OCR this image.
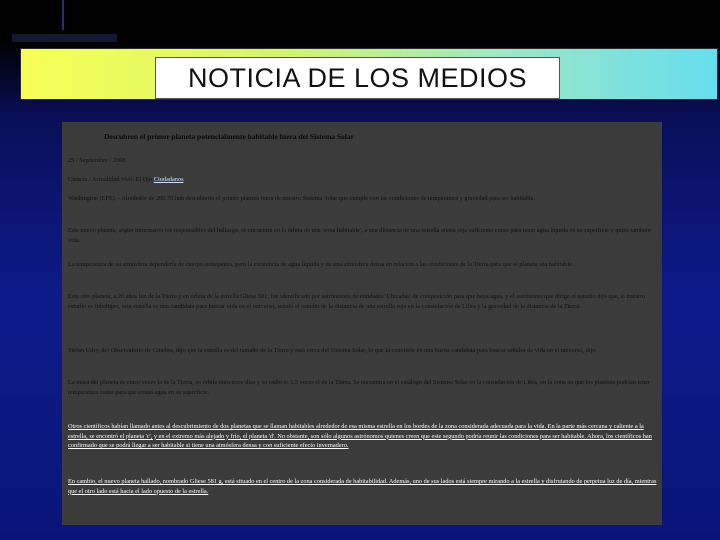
NOTICIA DE LOS MEDIOS
Descubren el primer planeta potencialmente habitable fuera del Sistema Solar
25 / Septiembre / 2008
Ciencia / Actualidad Web: El Ojo Ciudadanos
Washington (EFE). - Alrededor de 200.70 han descubierto el primer planeta fuera de nuestro Sistema Solar que cumple con las condiciones de temperatura y gravedad para ser habitable.
Este nuevo planeta, según informaron los responsables del hallazgo, se encuentra en la órbita de una 'zona habitable', a una distancia de una estrella enana roja suficiente como para tener agua líquida en su superficie y quizá también vida.
La temperatura de su atmósfera dependería de cuerpo semejantes, pero la existencia de agua líquida y de una atmósfera densa en relación a las condiciones de la Tierra para que el planeta sea habitable.
Este otro planeta, a 20 años luz de la Tierra y en órbita de la estrella Gliese 581, fue identificado por astrónomos de entidades 'Ubicadas' de composición para que haya agua, y el astrónomo que dirige el estudio dijo que, si nuestro estudio es fidedigno, esta estrella es una candidata para buscar vida en el universo, señaló el estudio de la distancia de una estrella roja en la constelación de Libra y la gravedad de la distancia de la Tierra.
Stefan Udry, del Observatorio de Ginebra, dijo que la estrella es del tamaño de la Tierra y está cerca del Sistema Solar, lo que la convierte en una buena candidata para buscar señales de vida en el universo, dijo.
La masa del planeta es cinco veces la de la Tierra, su órbita dura trece días y su radio es 1.5 veces el de la Tierra. Se encuentra en el catálogo del Sistema Solar en la constelación de Libra, en la zona en que los planetas podrían tener temperatura como para que exista agua en su superficie.
Otros científicos habían llamado antes al descubrimiento de dos planetas que se llaman habitables alrededor de esa misma estrella en los bordes de la zona considerada adecuada para la vida. En la parte más cercana y caliente a la estrella, se encontró el planeta 'c', y en el extremo más alejado y frío, el planeta 'd'. No obstante, son sólo algunos astrónomos quienes creen que este segundo podría reunir las condiciones para ser habitable. Ahora, los científicos han confirmado que se podrá llegar a ser habitable si tiene una atmósfera densa y con suficiente efecto invernadero.
En cambio, el nuevo planeta hallado, nombrado Gliese 581 g, está situado en el centro de la zona considerada de habitabilidad. Además, uno de sus lados está siempre mirando a la estrella y disfrutando de perpetua luz de día, mientras que el otro lado está hacia el lado opuesto de la estrella.
